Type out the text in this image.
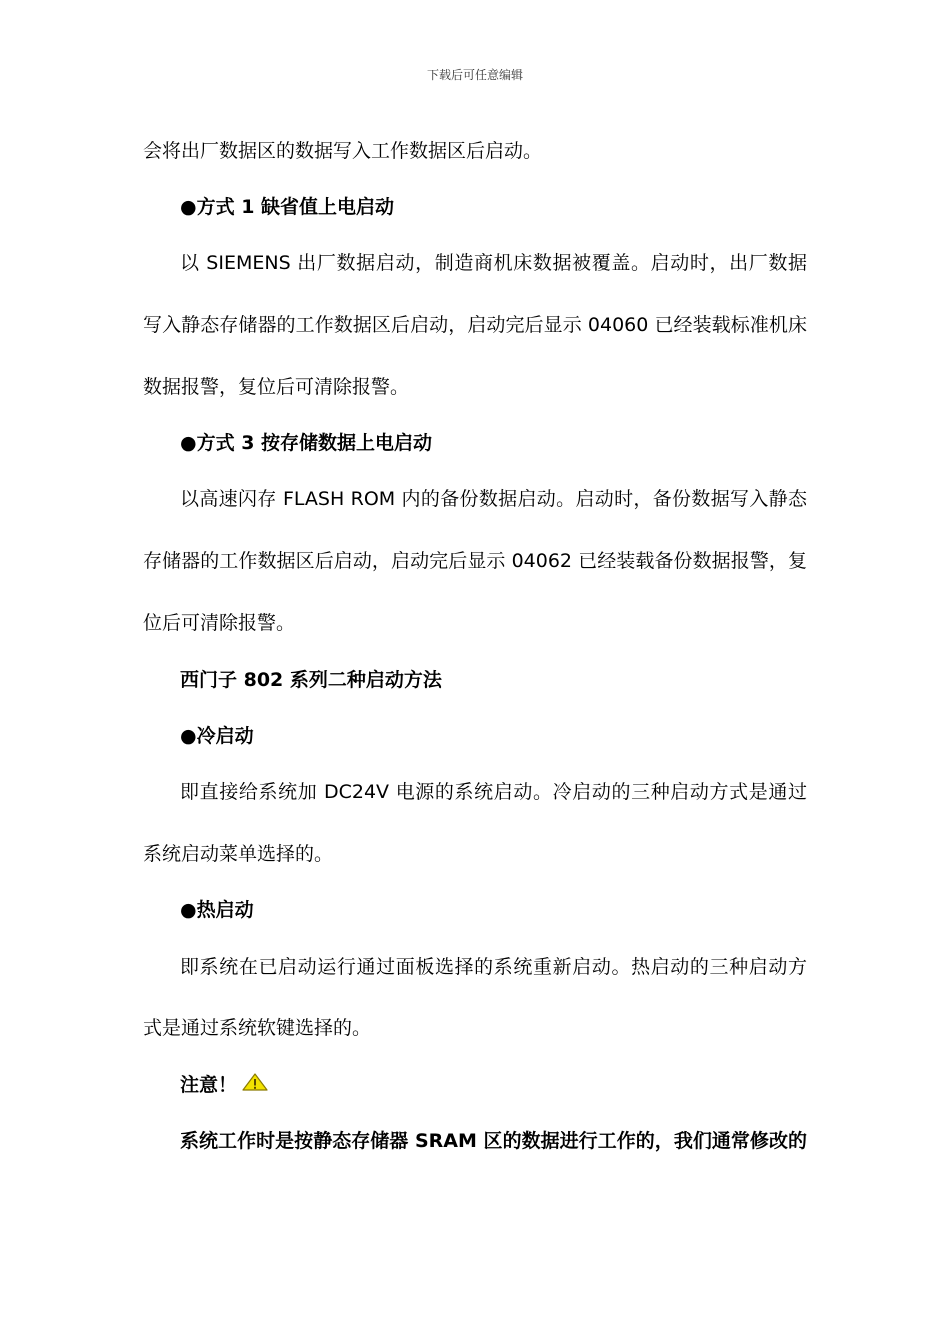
下载后可任意编辑
会将出厂数据区的数据写入工作数据区后启动。
●方式 1 缺省值上电启动
以 SIEMENS 出厂数据启动，制造商机床数据被覆盖。启动时，出厂数据
写入静态存储器的工作数据区后启动，启动完后显示 04060 已经装载标准机床
数据报警，复位后可清除报警。
●方式 3 按存储数据上电启动
以高速闪存 FLASH ROM 内的备份数据启动。启动时，备份数据写入静态
存储器的工作数据区后启动，启动完后显示 04062 已经装载备份数据报警，复
位后可清除报警。
西门子 802 系列二种启动方法
●冷启动
即直接给系统加 DC24V 电源的系统启动。冷启动的三种启动方式是通过
系统启动菜单选择的。
●热启动
即系统在已启动运行通过面板选择的系统重新启动。热启动的三种启动方
式是通过系统软键选择的。
注意！
系统工作时是按静态存储器 SRAM 区的数据进行工作的，我们通常修改的
